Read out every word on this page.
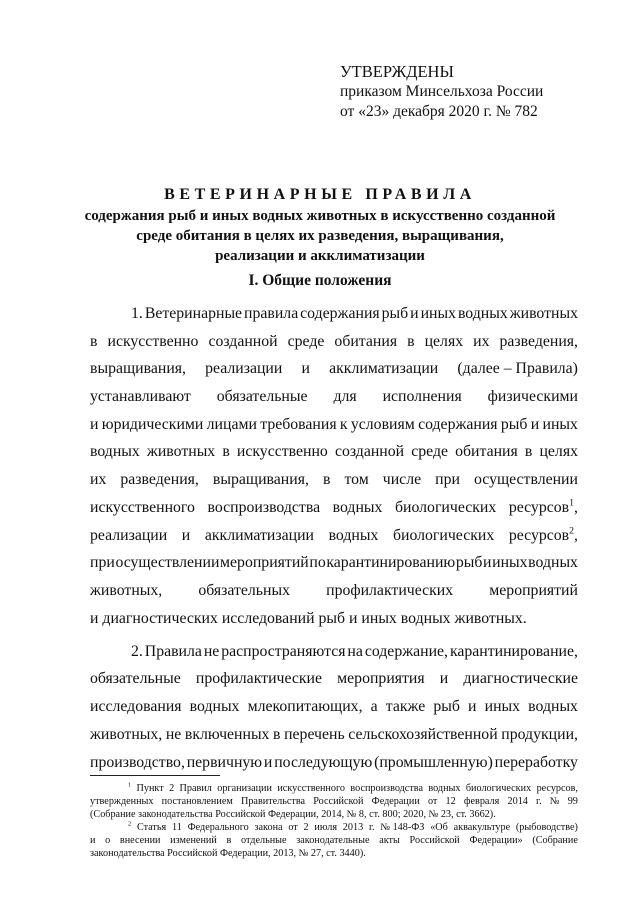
УТВЕРЖДЕНЫ
приказом Минсельхоза России
от «23» декабря 2020 г. № 782
ВЕТЕРИНАРНЫЕ ПРАВИЛА
содержания рыб и иных водных животных в искусственно созданной
среде обитания в целях их разведения, выращивания,
реализации и акклиматизации
I. Общие положения
1. Ветеринарные правила содержания рыб и иных водных животных
в искусственно созданной среде обитания в целях их разведения,
выращивания, реализации и акклиматизации (далее – Правила)
устанавливают обязательные для исполнения физическими
и юридическими лицами требования к условиям содержания рыб и иных
водных животных в искусственно созданной среде обитания в целях
их разведения, выращивания, в том числе при осуществлении
искусственного воспроизводства водных биологических ресурсов$^1$,
реализации и акклиматизации водных биологических ресурсов$^2$,
при осуществлении мероприятий по карантинированию рыб и иных водных
животных, обязательных профилактических мероприятий
и диагностических исследований рыб и иных водных животных.
2. Правила не распространяются на содержание, карантинирование,
обязательные профилактические мероприятия и диагностические
исследования водных млекопитающих, а также рыб и иных водных
животных, не включенных в перечень сельскохозяйственной продукции,
производство, первичную и последующую (промышленную) переработку
$^1$ Пункт 2 Правил организации искусственного воспроизводства водных биологических ресурсов,
утвержденных постановлением Правительства Российской Федерации от 12 февраля 2014 г. № 99
(Собрание законодательства Российской Федерации, 2014, № 8, ст. 800; 2020, № 23, ст. 3662).
$^2$ Статья 11 Федерального закона от 2 июля 2013 г. № 148-ФЗ «Об аквакультуре (рыбоводстве)
и о внесении изменений в отдельные законодательные акты Российской Федерации» (Собрание
законодательства Российской Федерации, 2013, № 27, ст. 3440).
